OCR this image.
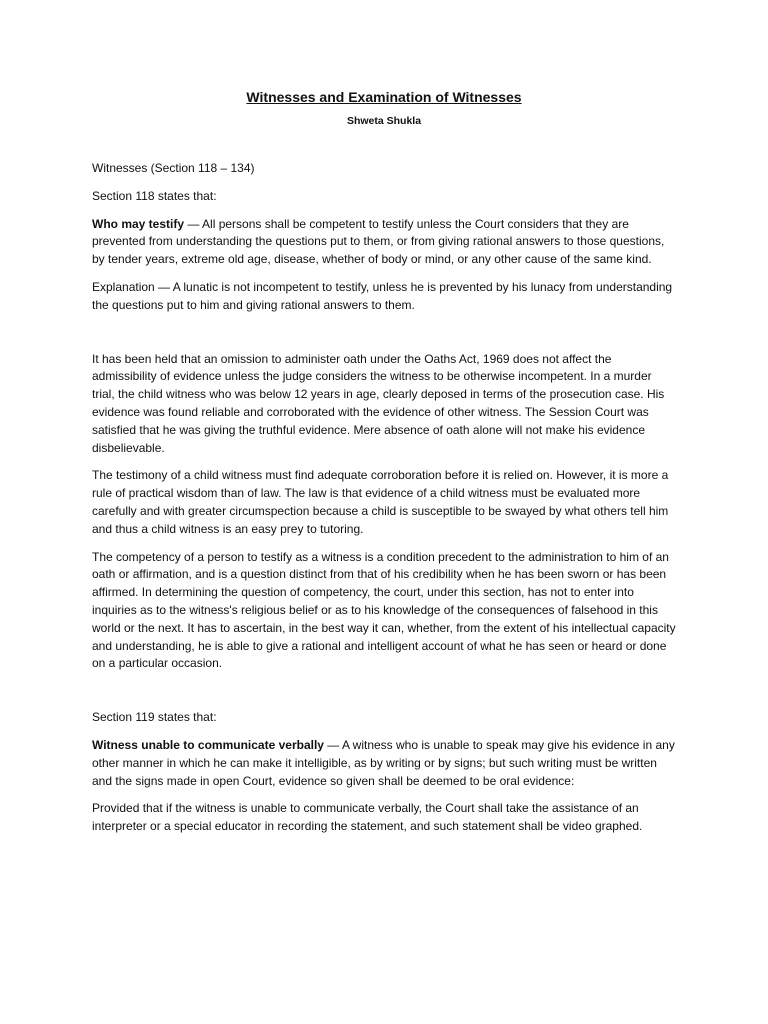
Witnesses and Examination of Witnesses
Shweta Shukla

Witnesses (Section 118 – 134)

Section 118 states that:

Who may testify — All persons shall be competent to testify unless the Court considers that they are prevented from understanding the questions put to them, or from giving rational answers to those questions, by tender years, extreme old age, disease, whether of body or mind, or any other cause of the same kind.

Explanation — A lunatic is not incompetent to testify, unless he is prevented by his lunacy from understanding the questions put to him and giving rational answers to them.

It has been held that an omission to administer oath under the Oaths Act, 1969 does not affect the admissibility of evidence unless the judge considers the witness to be otherwise incompetent. In a murder trial, the child witness who was below 12 years in age, clearly deposed in terms of the prosecution case. His evidence was found reliable and corroborated with the evidence of other witness. The Session Court was satisfied that he was giving the truthful evidence. Mere absence of oath alone will not make his evidence disbelievable.

The testimony of a child witness must find adequate corroboration before it is relied on. However, it is more a rule of practical wisdom than of law. The law is that evidence of a child witness must be evaluated more carefully and with greater circumspection because a child is susceptible to be swayed by what others tell him and thus a child witness is an easy prey to tutoring.

The competency of a person to testify as a witness is a condition precedent to the administration to him of an oath or affirmation, and is a question distinct from that of his credibility when he has been sworn or has been affirmed. In determining the question of competency, the court, under this section, has not to enter into inquiries as to the witness's religious belief or as to his knowledge of the consequences of falsehood in this world or the next. It has to ascertain, in the best way it can, whether, from the extent of his intellectual capacity and understanding, he is able to give a rational and intelligent account of what he has seen or heard or done on a particular occasion.

Section 119 states that:

Witness unable to communicate verbally — A witness who is unable to speak may give his evidence in any other manner in which he can make it intelligible, as by writing or by signs; but such writing must be written and the signs made in open Court, evidence so given shall be deemed to be oral evidence:

Provided that if the witness is unable to communicate verbally, the Court shall take the assistance of an interpreter or a special educator in recording the statement, and such statement shall be video graphed.
